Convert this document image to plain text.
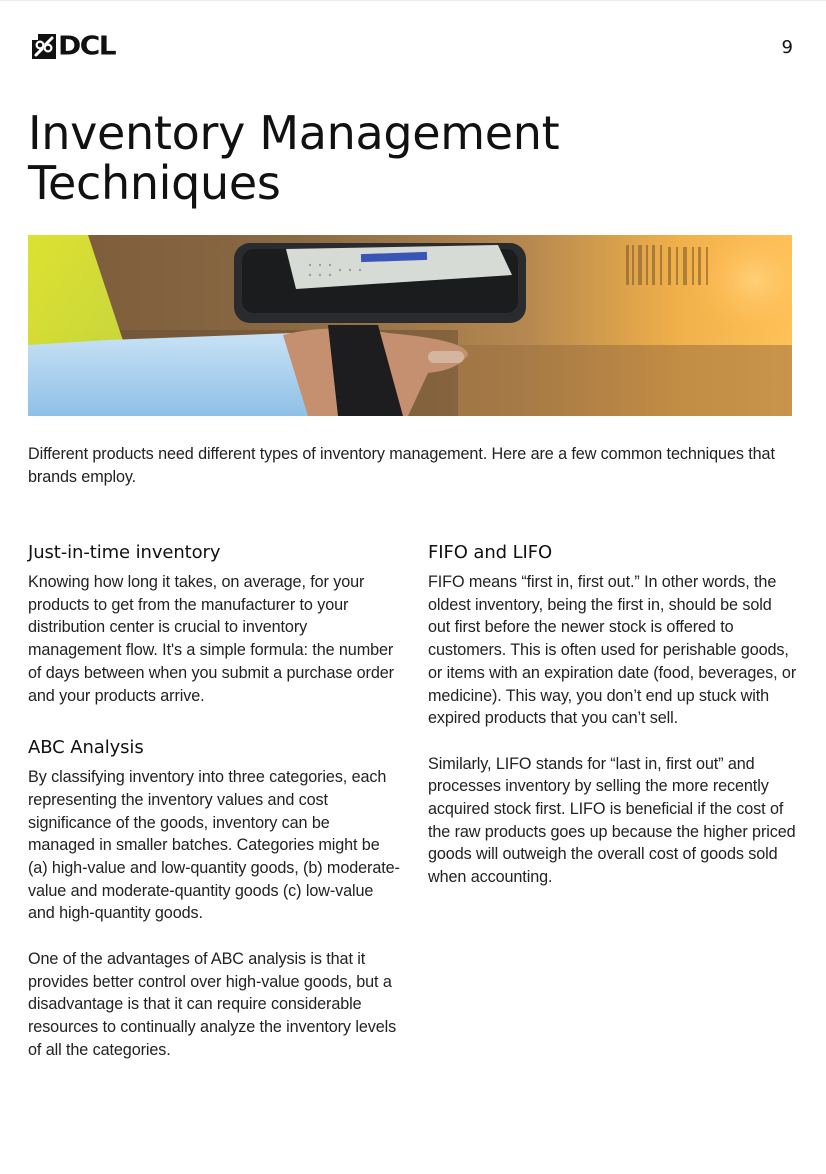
DCL	9
Inventory Management
Techniques

Different products need different types of inventory management. Here are a few common techniques that brands employ.

Just-in-time inventory

Knowing how long it takes, on average, for your products to get from the manufacturer to your distribution center is crucial to inventory management flow. It's a simple formula: the number of days between when you submit a purchase order and your products arrive.

ABC Analysis

By classifying inventory into three categories, each representing the inventory values and cost significance of the goods, inventory can be managed in smaller batches. Categories might be (a) high-value and low-quantity goods, (b) moderate-value and moderate-quantity goods (c) low-value and high-quantity goods.

One of the advantages of ABC analysis is that it provides better control over high-value goods, but a disadvantage is that it can require considerable resources to continually analyze the inventory levels of all the categories.

FIFO and LIFO

FIFO means “first in, first out.” In other words, the oldest inventory, being the first in, should be sold out first before the newer stock is offered to customers. This is often used for perishable goods, or items with an expiration date (food, beverages, or medicine). This way, you don’t end up stuck with expired products that you can’t sell.

Similarly, LIFO stands for “last in, first out” and processes inventory by selling the more recently acquired stock first. LIFO is beneficial if the cost of the raw products goes up because the higher priced goods will outweigh the overall cost of goods sold when accounting.
